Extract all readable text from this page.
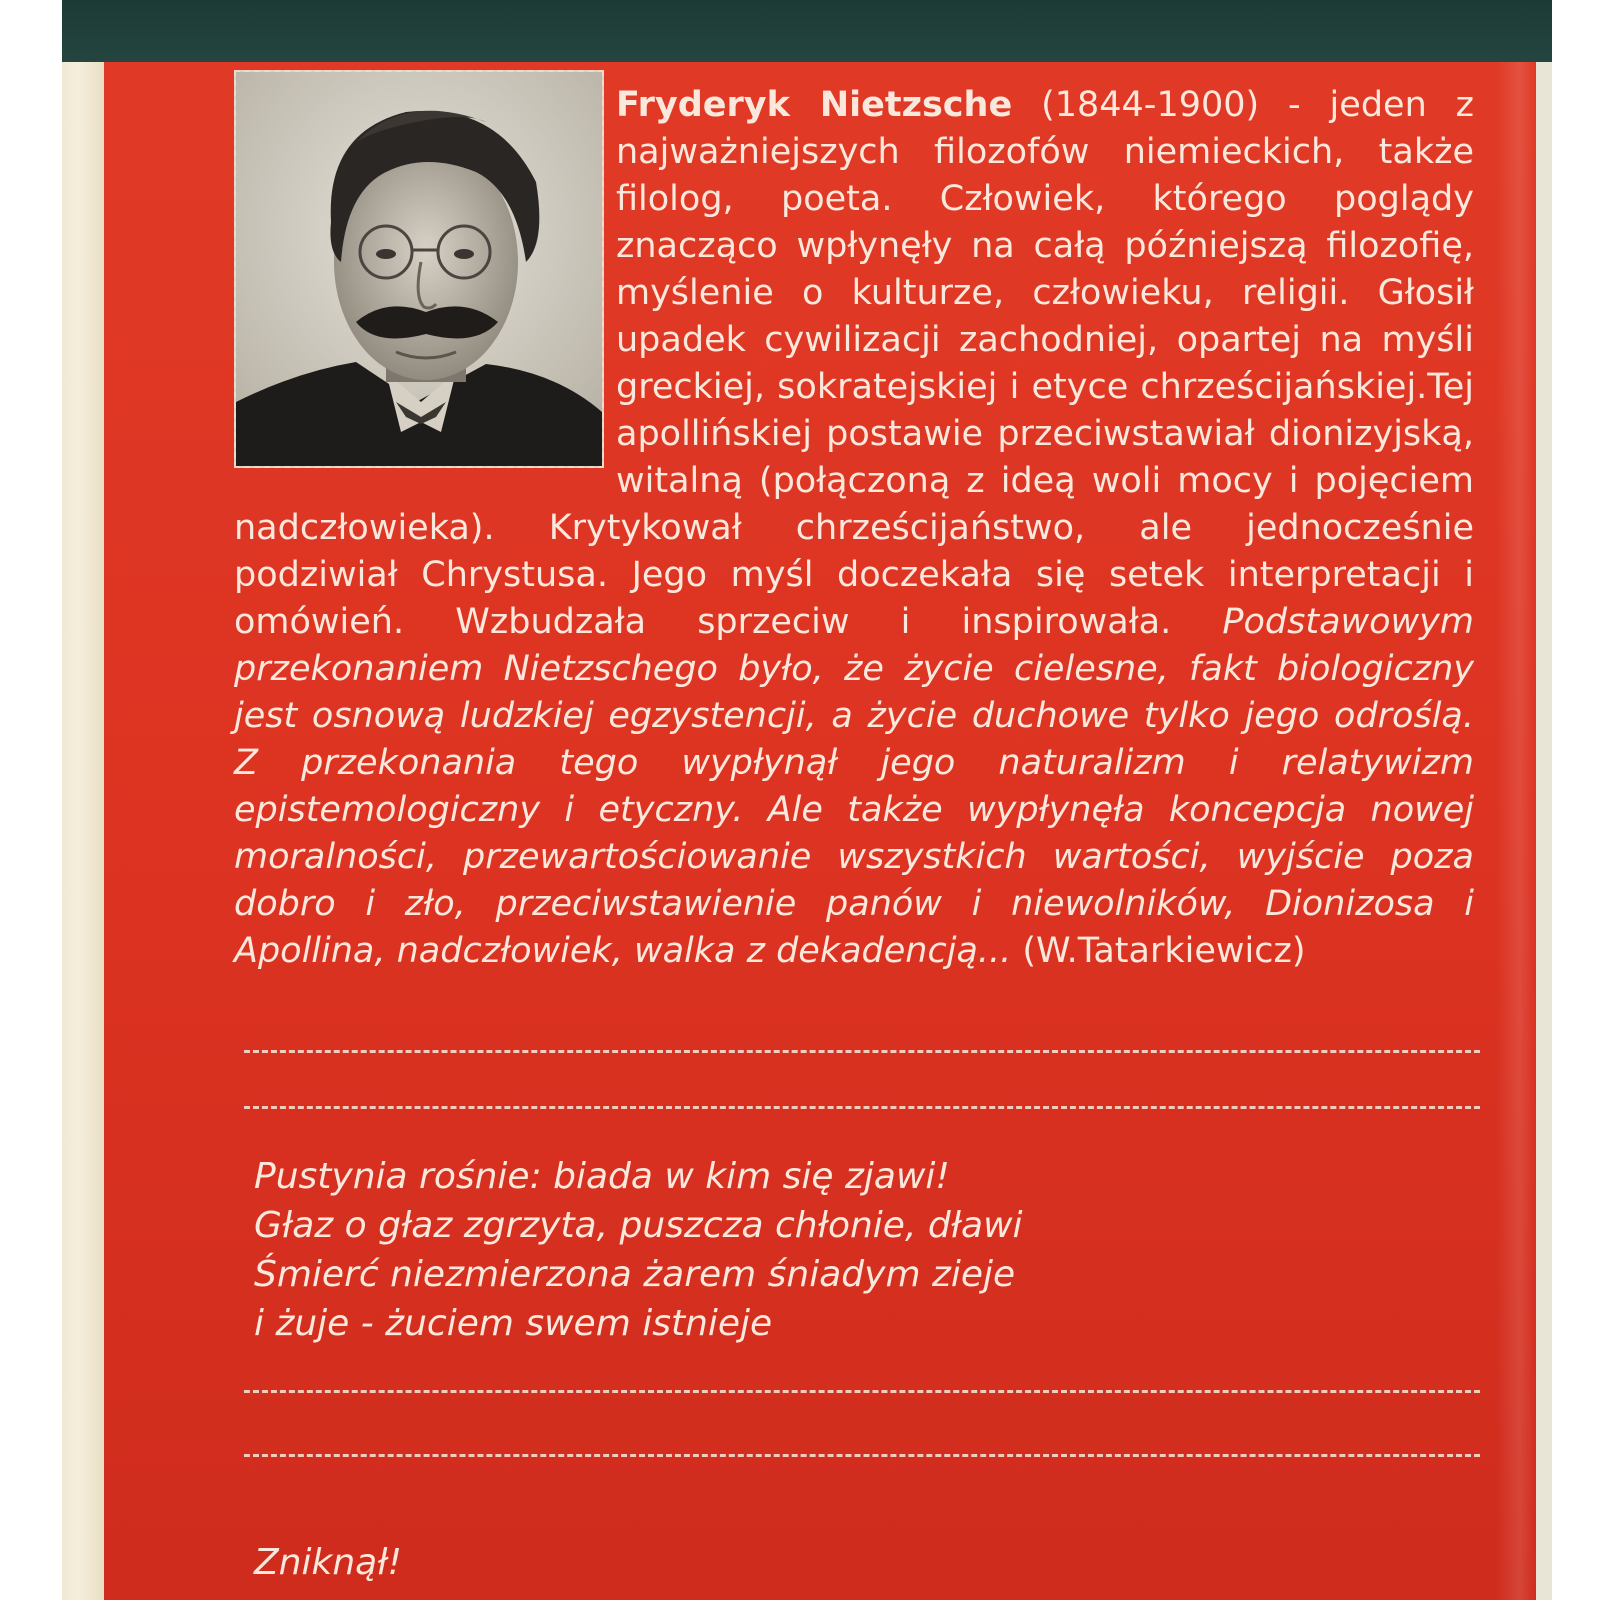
Fryderyk Nietzsche (1844-1900) - jeden z najważniejszych filozofów niemieckich, także filolog, poeta. Człowiek, którego poglądy znacząco wpłynęły na całą późniejszą filozofię, myślenie o kulturze, człowieku, religii. Głosił upadek cywilizacji zachodniej, opartej na myśli greckiej, sokratejskiej i etyce chrześcijańskiej.Tej apollińskiej postawie przeciwstawiał dionizyjską, witalną (połączoną z ideą woli mocy i pojęciem nadczłowieka). Krytykował chrześcijaństwo, ale jednocześnie podziwiał Chrystusa. Jego myśl doczekała się setek interpretacji i omówień. Wzbudzała sprzeciw i inspirowała. Podstawowym przekonaniem Nietzschego było, że życie cielesne, fakt biologiczny jest osnową ludzkiej egzystencji, a życie duchowe tylko jego odroślą. Z przekonania tego wypłynął jego naturalizm i relatywizm epistemologiczny i etyczny. Ale także wypłynęła koncepcja nowej moralności, przewartościowanie wszystkich wartości, wyjście poza dobro i zło, przeciwstawienie panów i niewolników, Dionizosa i Apollina, nadczłowiek, walka z dekadencją... (W.Tatarkiewicz)

Pustynia rośnie: biada w kim się zjawi!
Głaz o głaz zgrzyta, puszcza chłonie, dławi
Śmierć niezmierzona żarem śniadym zieje
i żuje - żuciem swem istnieje
Zniknął!
